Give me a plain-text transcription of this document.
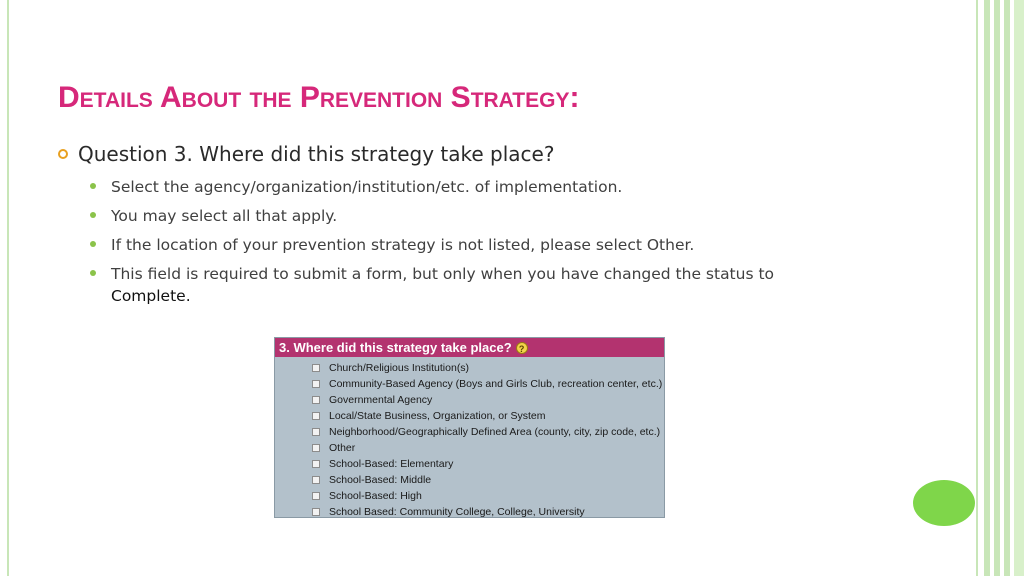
Details About the Prevention Strategy:
Question 3. Where did this strategy take place?
Select the agency/organization/institution/etc. of implementation.
You may select all that apply.
If the location of your prevention strategy is not listed, please select Other.
This field is required to submit a form, but only when you have changed the status to
Complete.
3. Where did this strategy take place? ?
Church/Religious Institution(s)
Community-Based Agency (Boys and Girls Club, recreation center, etc.)
Governmental Agency
Local/State Business, Organization, or System
Neighborhood/Geographically Defined Area (county, city, zip code, etc.)
Other
School-Based: Elementary
School-Based: Middle
School-Based: High
School Based: Community College, College, University
